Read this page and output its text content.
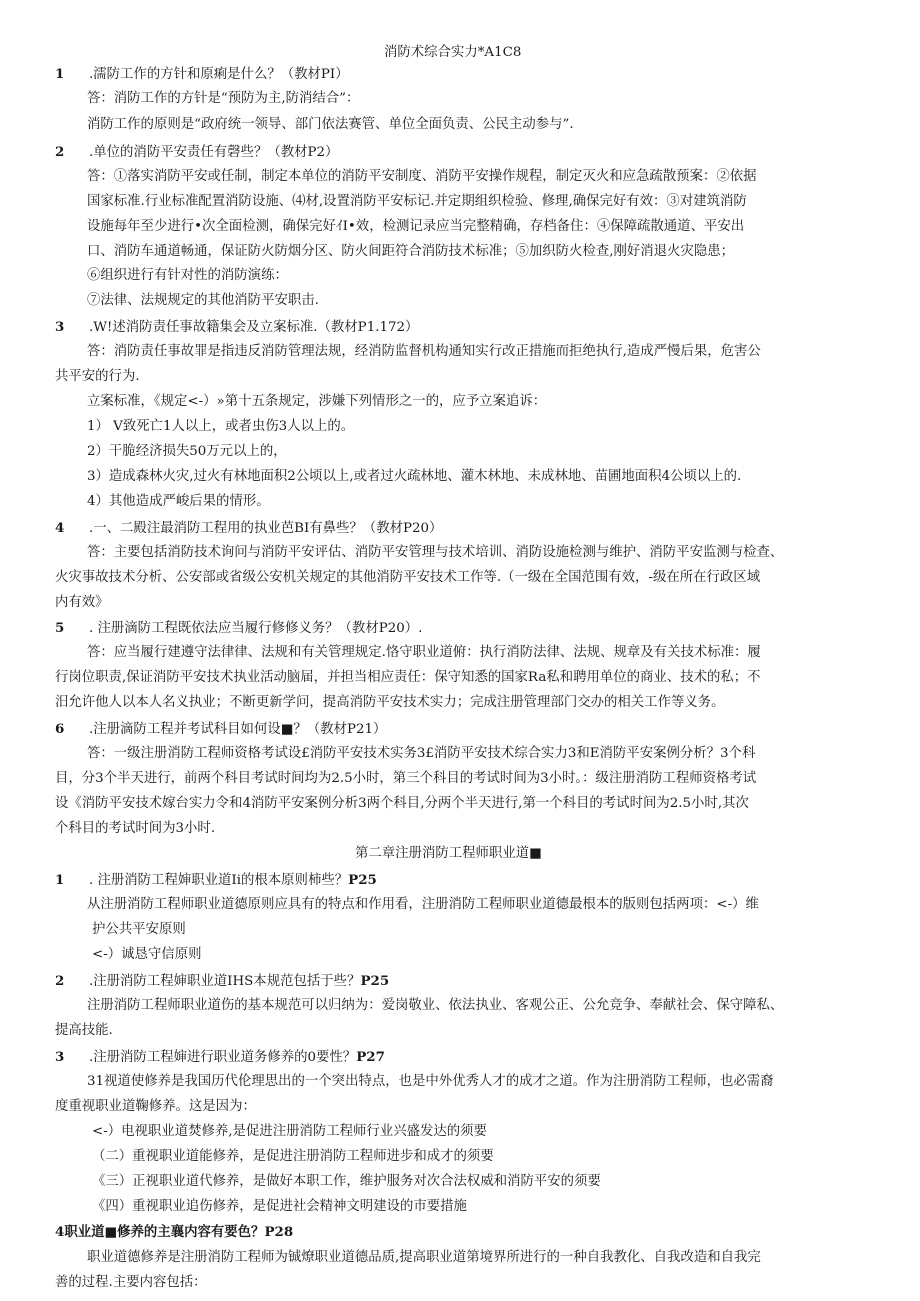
消防术综合实力*A1C8
1 .濡防工作的方针和原痢是什么？（教材PI）
答：消防工作的方针是“预防为主,防消结合”：
消防工作的原则是“政府统一领导、部门依法赛管、单位全面负责、公民主动参与”.
2 .单位的消防平安责任有磬些？（教材P2）
答：①落实消防平安或任制，制定本单位的消防平安制度、消防平安操作规程，制定灭火和应急疏散预案：②依据
国家标准.行业标准配置消防设施、⑷材,设置消防平安标记.并定期组织检验、修理,确保完好有效：③对建筑消防
设施每年至少进行•次全面检测，确保完好ｲI•效，检测记录应当完整精确，存档备住：④保障疏散通道、平安出
口、消防车通道畅通，保证防火防烟分区、防火间距符合消防技术标准；⑤加织防火检查,刚好消退火灾隐患；
⑥组织进行有针对性的消防演练：
⑦法律、法规规定的其他消防平安职击.
3 .W!述消防责任事故籍集会及立案标准.（教材P1.172）
答：消防责任事故罪是指违反消防管理法规，经消防监督机构通知实行改正措施而拒绝执行,造成严慢后果，危害公
共平安的行为.
立案标准，《规定<-）»第十五条规定，涉嫌下列情形之一的，应予立案追诉：
1） V致死亡1人以上，或者虫伤3人以上的。
2）干脆经济损失50万元以上的，
3）造成森林火灾,过火有林地面积2公顷以上,或者过火疏林地、灌木林地、未成林地、苗圃地面积4公顷以上的.
4）其他造成严峻后果的情形。
4 .一、二殿注最消防工程用的执业芭BI有鼻些？（教材P20）
答：主要包括消防技术询问与消防平安评估、消防平安管理与技术培训、消防设施检测与维护、消防平安监测与检查、
火灾事故技术分析、公安部或省级公安机关规定的其他消防平安技术工作等.（一级在全国范围有效，-级在所在行政区域
内有效》
5 . 注册滴防工程既依法应当履行修修义务？（教材P20）.
答：应当履行建遵守法律律、法规和有关管理规定.恪守职业道俯：执行消防法律、法规、规章及有关技术标准：履
行岗位职责,保证消防平安技术执业活动脑届，并担当相应责任：保守知悉的国家Ra私和聘用单位的商业、技术的私；不
汨允许他人以本人名义执业；不断更新学问，提高消防平安技术实力；完成注册管理部门交办的相关工作等义务。
6 .注册滴防工程并考试科目如何设■？（教材P21）
答：一级注册消防工程师资格考试设£消防平安技术实务3£消防平安技术综合实力3和E消防平安案例分析？3个科
目，分3个半天进行，前两个科目考试时间均为2.5小时，第三个科目的考试时间为3小时。：级注册消防工程师资格考试
设《消防平安技术嫁台实力令和4消防平安案例分析3两个科目,分两个半天进行,第一个科目的考试时间为2.5小时,其次
个科目的考试时间为3小时.
第二章注册消防工程师职业道■
1 . 注册消防工程婶职业道Ii的根本原则柿些？P25
从注册消防工程师职业道德原则应具有的特点和作用看，注册消防工程师职业道德最根本的版则包括两项：<-）维
护公共平安原则
<-）诚恳守信原则
2 .注册消防工程婶职业道IHS本规范包括于些？P25
注册消防工程师职业道伤的基本规范可以归纳为：爱岗敬业、依法执业、客观公正、公允竞争、奉献社会、保守障私、
提高技能.
3 .注册消防工程婶进行职业道务修养的0要性？P27
31视道使修养是我国历代伦理思出的一个突出特点，也是中外优秀人才的成才之道。作为注册消防工程师，也必需裔
度重视职业道鞠修养。这是因为：
<-）电视职业道焚修养,是促进注册消防工程师行业兴盛发达的须要
（二）重视职业道能修养，是促进注册消防工程师进步和成才的须要
《三）正视职业道代修养，是做好本职工作，维护服务对次合法权威和消防平安的须要
《四）重视职业追伤修养，是促进社会精神文明建设的市要措施
4职业道■修养的主襄内容有要色？P28
职业道德修养是注册消防工程师为铖燎职业道德品质,提高职业道第境界所进行的一种自我教化、自我改造和自我完
善的过程.主要内容包括：
